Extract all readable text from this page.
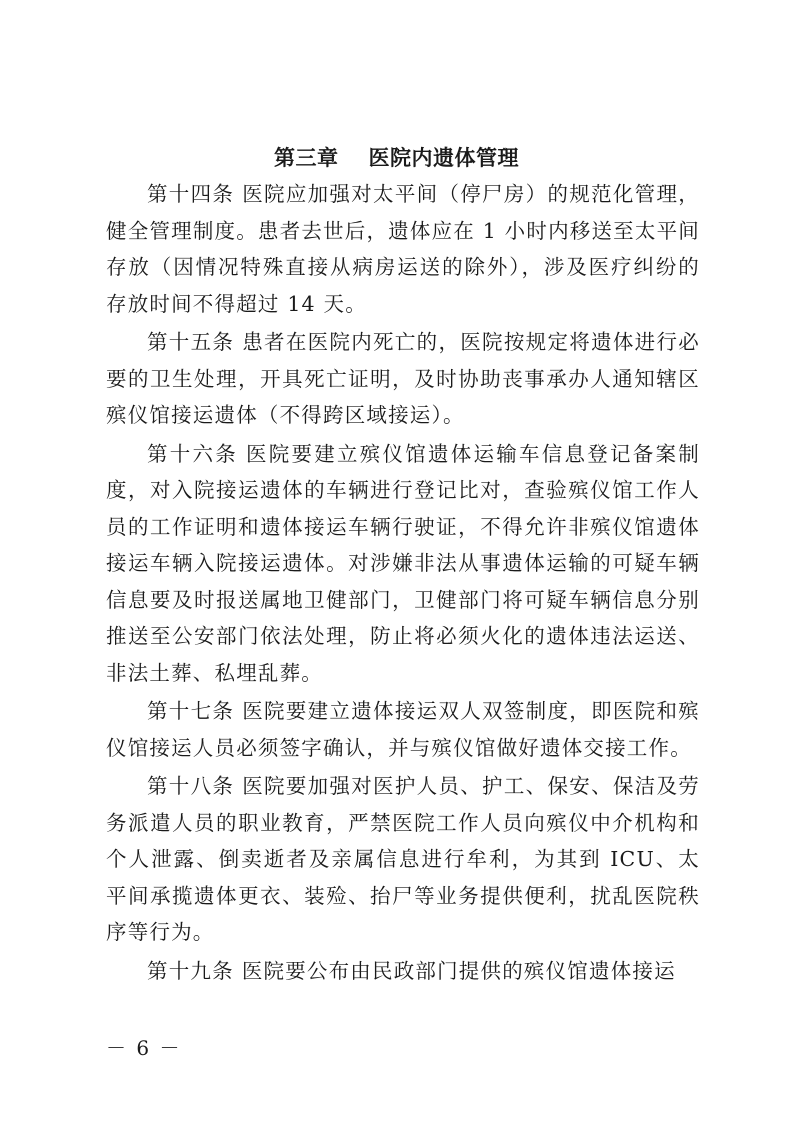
第三章 医院内遗体管理

第十四条 医院应加强对太平间（停尸房）的规范化管理，健全管理制度。患者去世后，遗体应在 1 小时内移送至太平间存放（因情况特殊直接从病房运送的除外），涉及医疗纠纷的存放时间不得超过 14 天。

第十五条 患者在医院内死亡的，医院按规定将遗体进行必要的卫生处理，开具死亡证明，及时协助丧事承办人通知辖区殡仪馆接运遗体（不得跨区域接运）。

第十六条 医院要建立殡仪馆遗体运输车信息登记备案制度，对入院接运遗体的车辆进行登记比对，查验殡仪馆工作人员的工作证明和遗体接运车辆行驶证，不得允许非殡仪馆遗体接运车辆入院接运遗体。对涉嫌非法从事遗体运输的可疑车辆信息要及时报送属地卫健部门，卫健部门将可疑车辆信息分别推送至公安部门依法处理，防止将必须火化的遗体违法运送、非法土葬、私埋乱葬。

第十七条 医院要建立遗体接运双人双签制度，即医院和殡仪馆接运人员必须签字确认，并与殡仪馆做好遗体交接工作。

第十八条 医院要加强对医护人员、护工、保安、保洁及劳务派遣人员的职业教育，严禁医院工作人员向殡仪中介机构和个人泄露、倒卖逝者及亲属信息进行牟利，为其到 ICU、太平间承揽遗体更衣、装殓、抬尸等业务提供便利，扰乱医院秩序等行为。

第十九条 医院要公布由民政部门提供的殡仪馆遗体接运

－ 6 －
